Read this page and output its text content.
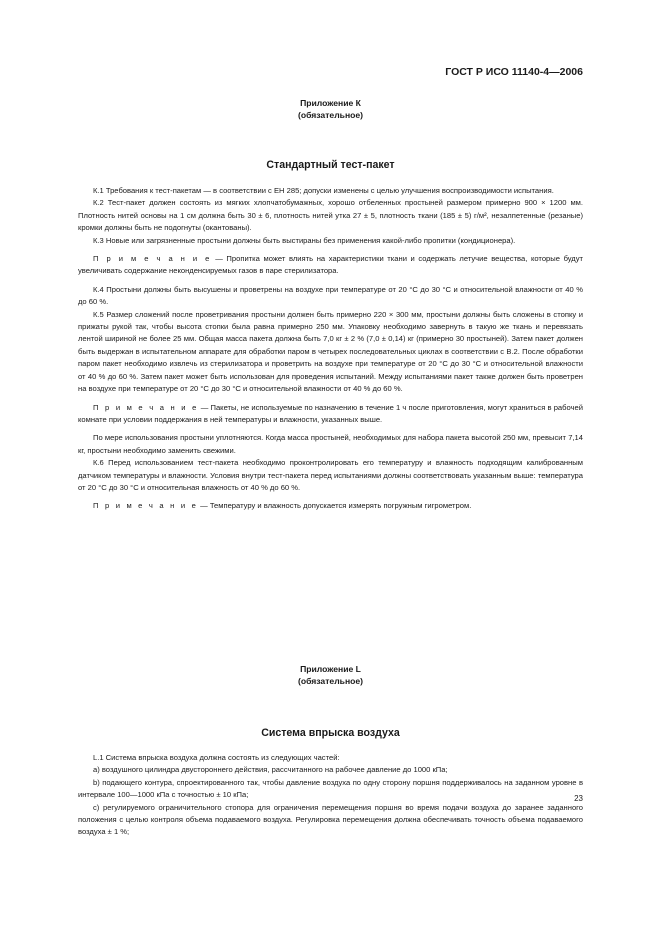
ГОСТ Р ИСО 11140-4—2006
Приложение К
(обязательное)
Стандартный тест-пакет

К.1 Требования к тест-пакетам — в соответствии с ЕН 285; допуски изменены с целью улучшения воспроизводимости испытания.

К.2 Тест-пакет должен состоять из мягких хлопчатобумажных, хорошо отбеленных простыней размером примерно 900 × 1200 мм. Плотность нитей основы на 1 см должна быть 30 ± 6, плотность нитей утка 27 ± 5, плотность ткани (185 ± 5) г/м², незалпетенные (резаные) кромки должны быть не подогнуты (окантованы).

К.3 Новые или загрязненные простыни должны быть выстираны без применения какой-либо пропитки (кондиционера).

П р и м е ч а н и е — Пропитка может влиять на характеристики ткани и содержать летучие вещества, которые будут увеличивать содержание неконденсируемых газов в паре стерилизатора.

К.4 Простыни должны быть высушены и проветрены на воздухе при температуре от 20 °С до 30 °С и относительной влажности от 40 % до 60 %.

К.5 Размер сложений после проветривания простыни должен быть примерно 220 × 300 мм, простыни должны быть сложены в стопку и прижаты рукой так, чтобы высота стопки была равна примерно 250 мм. Упаковку необходимо завернуть в такую же ткань и перевязать лентой шириной не более 25 мм. Общая масса пакета должна быть 7,0 кг ± 2 % (7,0 ± 0,14) кг (примерно 30 простыней). Затем пакет должен быть выдержан в испытательном аппарате для обработки паром в четырех последовательных циклах в соответствии с В.2. После обработки паром пакет необходимо извлечь из стерилизатора и проветрить на воздухе при температуре от 20 °С до 30 °С и относительной влажности от 40 % до 60 %. Затем пакет может быть использован для проведения испытаний. Между испытаниями пакет также должен быть проветрен на воздухе при температуре от 20 °С до 30 °С и относительной влажности от 40 % до 60 %.

П р и м е ч а н и е — Пакеты, не используемые по назначению в течение 1 ч после приготовления, могут храниться в рабочей комнате при условии поддержания в ней температуры и влажности, указанных выше.

По мере использования простыни уплотняются. Когда масса простыней, необходимых для набора пакета высотой 250 мм, превысит 7,14 кг, простыни необходимо заменить свежими.

К.6 Перед использованием тест-пакета необходимо проконтролировать его температуру и влажность подходящим калиброванным датчиком температуры и влажности. Условия внутри тест-пакета перед испытаниями должны соответствовать указанным выше: температура от 20 °С до 30 °С и относительная влажность от 40 % до 60 %.

П р и м е ч а н и е — Температуру и влажность допускается измерять погружным гигрометром.

Приложение L
(обязательное)
Система впрыска воздуха

L.1 Система впрыска воздуха должна состоять из следующих частей:

а) воздушного цилиндра двустороннего действия, рассчитанного на рабочее давление до 1000 кПа;

b) подающего контура, спроектированного так, чтобы давление воздуха по одну сторону поршня поддерживалось на заданном уровне в интервале 100—1000 кПа с точностью ± 10 кПа;

с) регулируемого ограничительного стопора для ограничения перемещения поршня во время подачи воздуха до заранее заданного положения с целью контроля объема подаваемого воздуха. Регулировка перемещения должна обеспечивать точность объема подаваемого воздуха ± 1 %;

23
